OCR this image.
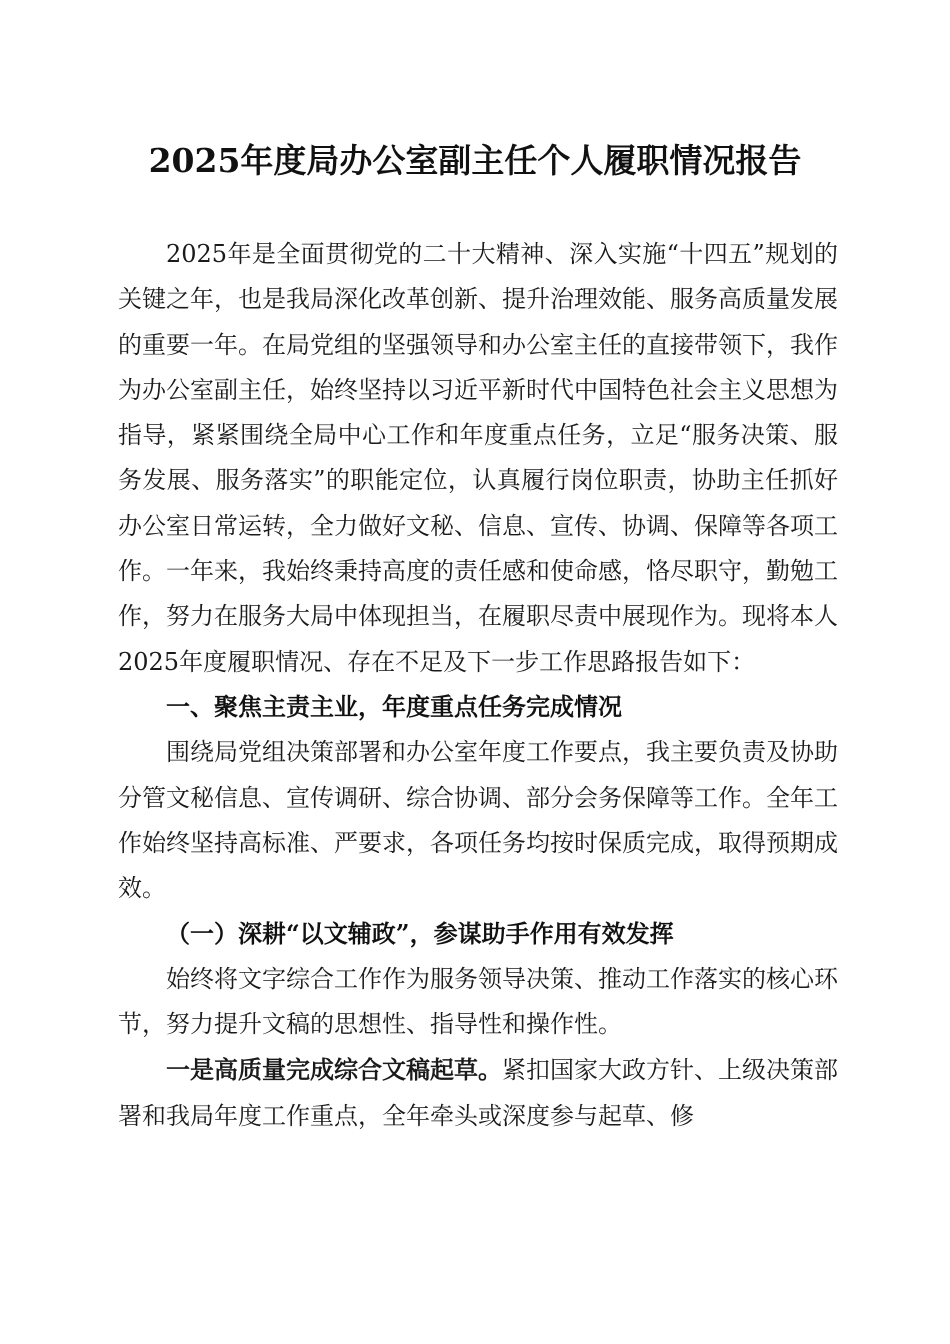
2025年度局办公室副主任个人履职情况报告

2025年是全面贯彻党的二十大精神、深入实施“十四五”规划的关键之年，也是我局深化改革创新、提升治理效能、服务高质量发展的重要一年。在局党组的坚强领导和办公室主任的直接带领下，我作为办公室副主任，始终坚持以习近平新时代中国特色社会主义思想为指导，紧紧围绕全局中心工作和年度重点任务，立足“服务决策、服务发展、服务落实”的职能定位，认真履行岗位职责，协助主任抓好办公室日常运转，全力做好文秘、信息、宣传、协调、保障等各项工作。一年来，我始终秉持高度的责任感和使命感，恪尽职守，勤勉工作，努力在服务大局中体现担当，在履职尽责中展现作为。现将本人2025年度履职情况、存在不足及下一步工作思路报告如下：

一、聚焦主责主业，年度重点任务完成情况

围绕局党组决策部署和办公室年度工作要点，我主要负责及协助分管文秘信息、宣传调研、综合协调、部分会务保障等工作。全年工作始终坚持高标准、严要求，各项任务均按时保质完成，取得预期成效。

（一）深耕“以文辅政”，参谋助手作用有效发挥

始终将文字综合工作作为服务领导决策、推动工作落实的核心环节，努力提升文稿的思想性、指导性和操作性。

一是高质量完成综合文稿起草。紧扣国家大政方针、上级决策部署和我局年度工作重点，全年牵头或深度参与起草、修
